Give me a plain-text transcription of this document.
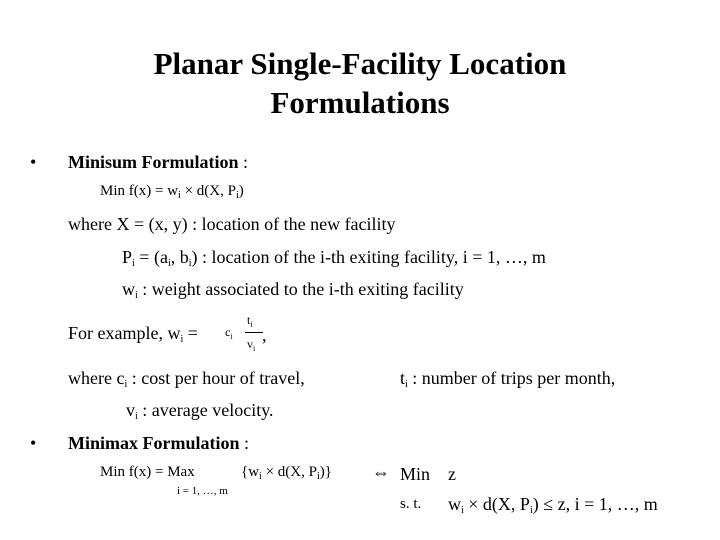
Planar Single-Facility Location
Formulations
• Minisum Formulation :
Min $f(x) = w_i \times d(X$, $P_i$)
where X = (x, y) : location of the new facility
$P_i = (a_i$, $b_i$) : location of the i-th exiting facility, i = 1, …, m
$w_i$ : weight associated to the i-th exiting facility
For example, $w_i = c_i$
$t_i$
$v_i$
,
where $c_i$ : cost per hour of travel,	$t_i$ : number of trips per month,
$v_i$ : average velocity.
• Minimax Formulation :
Min f(x) = Max
i = 1, …, m
{$w_i \times d(X$, $P_i$)} ⇔ Min z
s. t. $w_i \times d(X$, $P_i) \le z$, i = 1, …, m
